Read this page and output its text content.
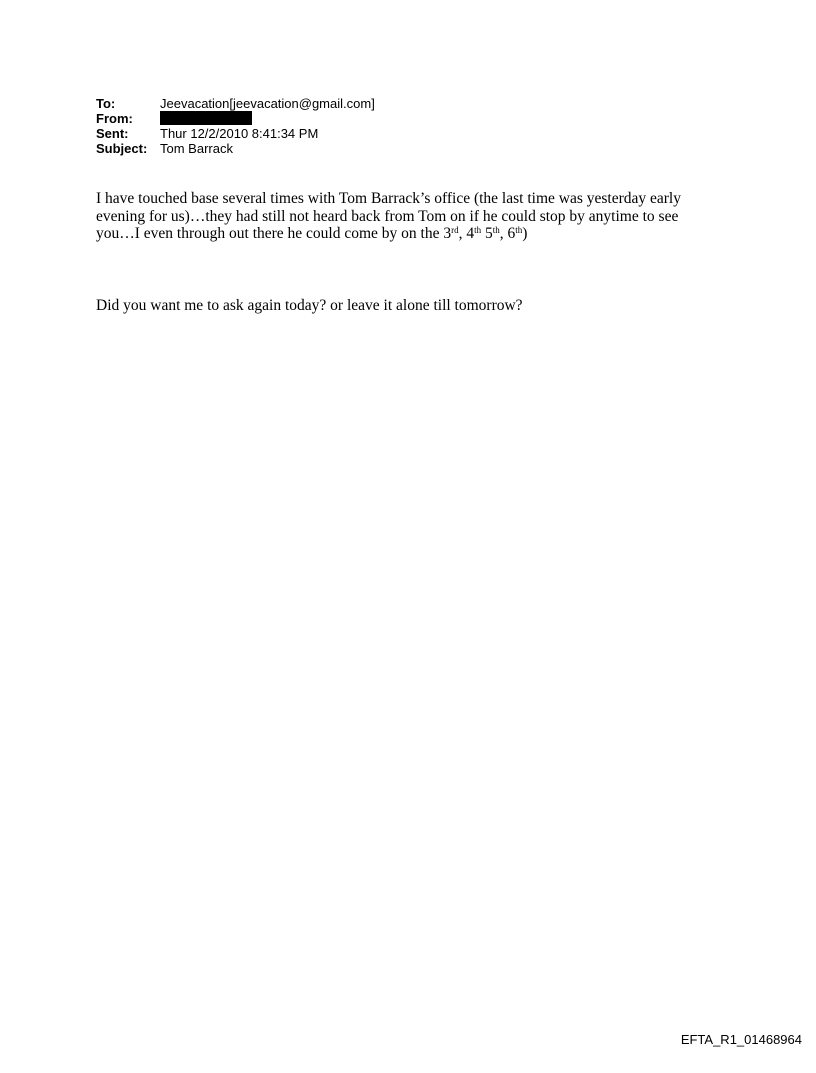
To:	Jeevacation[jeevacation@gmail.com]
From:
Sent:	Thur 12/2/2010 8:41:34 PM
Subject: Tom Barrack
I have touched base several times with Tom Barrack’s office (the last time was yesterday early evening for us)…they had still not heard back from Tom on if he could stop by anytime to see you…I even through out there he could come by on the 3rd, 4th 5th, 6th)
Did you want me to ask again today? or leave it alone till tomorrow?
EFTA_R1_01468964
